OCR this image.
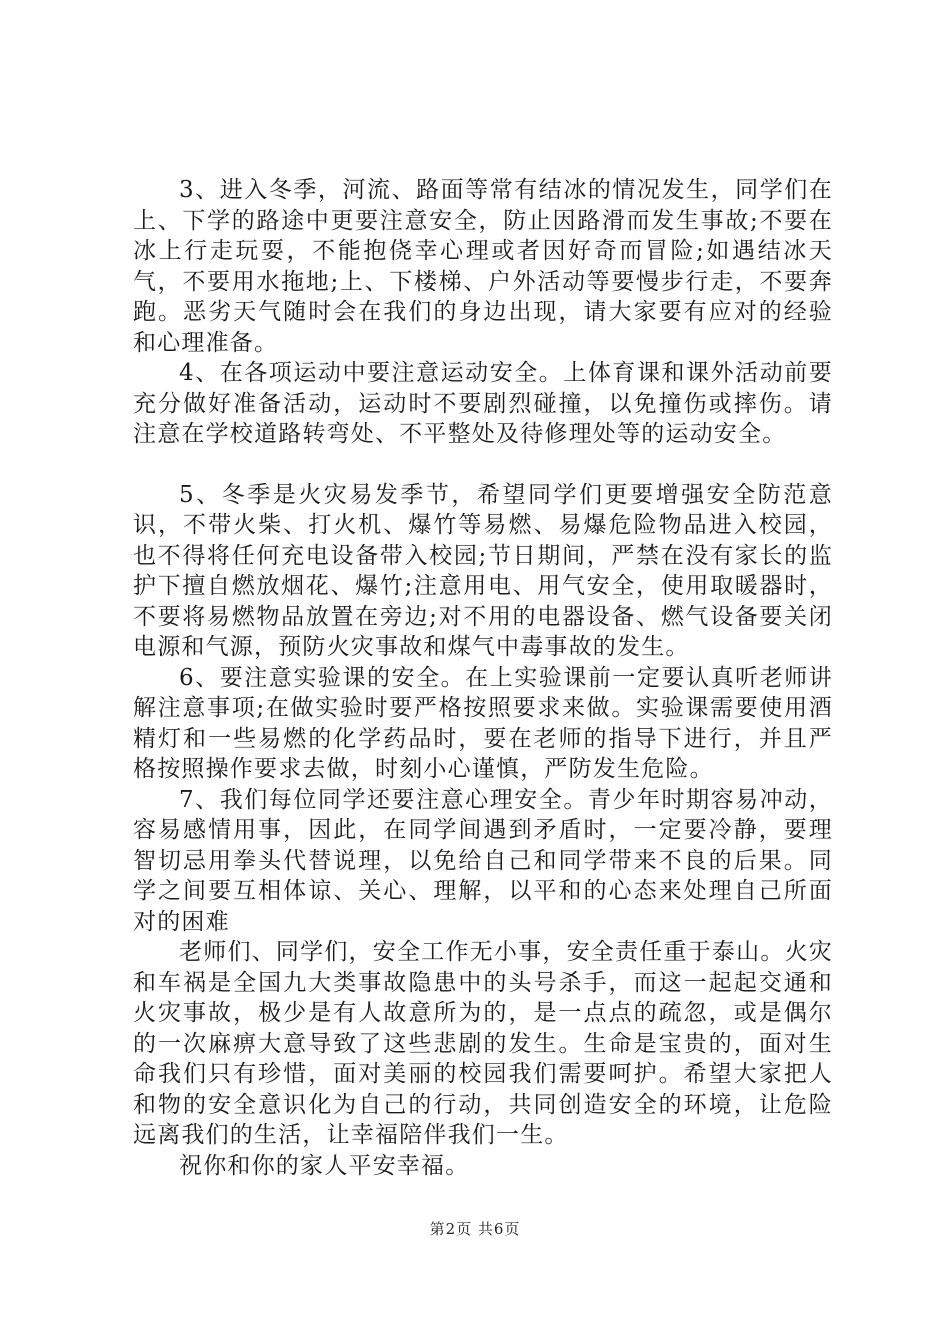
3、进入冬季，河流、路面等常有结冰的情况发生，同学们在上、下学的路途中更要注意安全，防止因路滑而发生事故;不要在冰上行走玩耍，不能抱侥幸心理或者因好奇而冒险;如遇结冰天气，不要用水拖地;上、下楼梯、户外活动等要慢步行走，不要奔跑。恶劣天气随时会在我们的身边出现，请大家要有应对的经验和心理准备。

4、在各项运动中要注意运动安全。上体育课和课外活动前要充分做好准备活动，运动时不要剧烈碰撞，以免撞伤或摔伤。请注意在学校道路转弯处、不平整处及待修理处等的运动安全。

5、冬季是火灾易发季节，希望同学们更要增强安全防范意识，不带火柴、打火机、爆竹等易燃、易爆危险物品进入校园，也不得将任何充电设备带入校园;节日期间，严禁在没有家长的监护下擅自燃放烟花、爆竹;注意用电、用气安全，使用取暖器时，不要将易燃物品放置在旁边;对不用的电器设备、燃气设备要关闭电源和气源，预防火灾事故和煤气中毒事故的发生。

6、要注意实验课的安全。在上实验课前一定要认真听老师讲解注意事项;在做实验时要严格按照要求来做。实验课需要使用酒精灯和一些易燃的化学药品时，要在老师的指导下进行，并且严格按照操作要求去做，时刻小心谨慎，严防发生危险。

7、我们每位同学还要注意心理安全。青少年时期容易冲动，容易感情用事，因此，在同学间遇到矛盾时，一定要冷静，要理智切忌用拳头代替说理，以免给自己和同学带来不良的后果。同学之间要互相体谅、关心、理解，以平和的心态来处理自己所面对的困难

老师们、同学们，安全工作无小事，安全责任重于泰山。火灾和车祸是全国九大类事故隐患中的头号杀手，而这一起起交通和火灾事故，极少是有人故意所为的，是一点点的疏忽，或是偶尔的一次麻痹大意导致了这些悲剧的发生。生命是宝贵的，面对生命我们只有珍惜，面对美丽的校园我们需要呵护。希望大家把人和物的安全意识化为自己的行动，共同创造安全的环境，让危险远离我们的生活，让幸福陪伴我们一生。

祝你和你的家人平安幸福。

第2页 共6页
